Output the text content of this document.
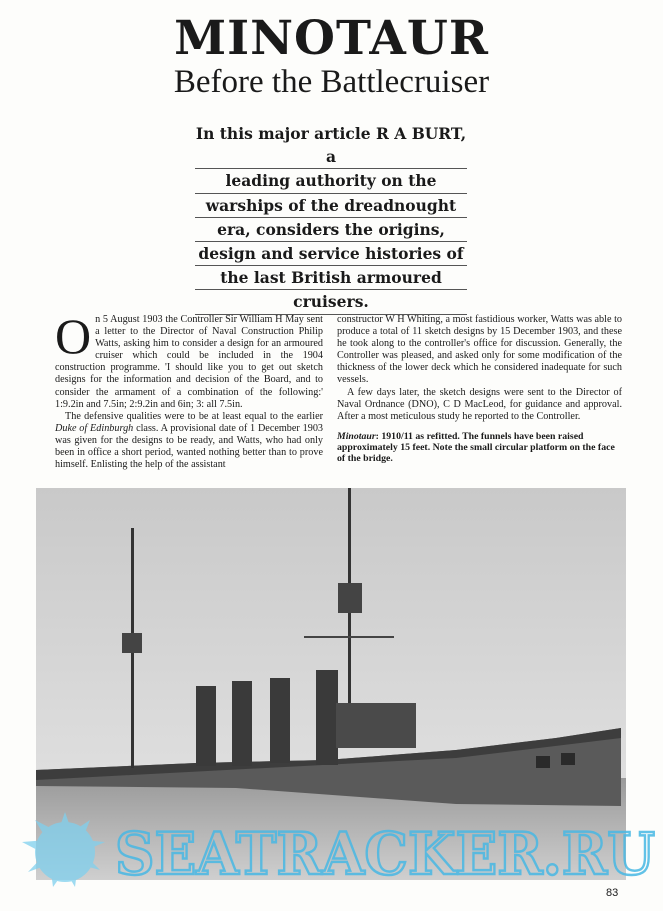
MINOTAUR
Before the Battlecruiser
In this major article R A BURT, a
leading authority on the
warships of the dreadnought
era, considers the origins,
design and service histories of
the last British armoured
cruisers.

On 5 August 1903 the Controller Sir William H May sent a letter to the Director of Naval Construction Philip Watts, asking him to consider a design for an armoured cruiser which could be included in the 1904 construction programme. 'I should like you to get out sketch designs for the information and decision of the Board, and to consider the armament of a combination of the following:' 1:9.2in and 7.5in; 2:9.2in and 6in; 3: all 7.5in.

The defensive qualities were to be at least equal to the earlier Duke of Edinburgh class. A provisional date of 1 December 1903 was given for the designs to be ready, and Watts, who had only been in office a short period, wanted nothing better than to prove himself. Enlisting the help of the assistant

constructor W H Whiting, a most fastidious worker, Watts was able to produce a total of 11 sketch designs by 15 December 1903, and these he took along to the controller's office for discussion. Generally, the Controller was pleased, and asked only for some modification of the thickness of the lower deck which he considered inadequate for such vessels.

A few days later, the sketch designs were sent to the Director of Naval Ordnance (DNO), C D MacLeod, for guidance and approval. After a most meticulous study he reported to the Controller.

Minotaur: 1910/11 as refitted. The funnels have been raised approximately 15 feet. Note the small circular platform on the face of the bridge.
SEATRACKER.RU
83
